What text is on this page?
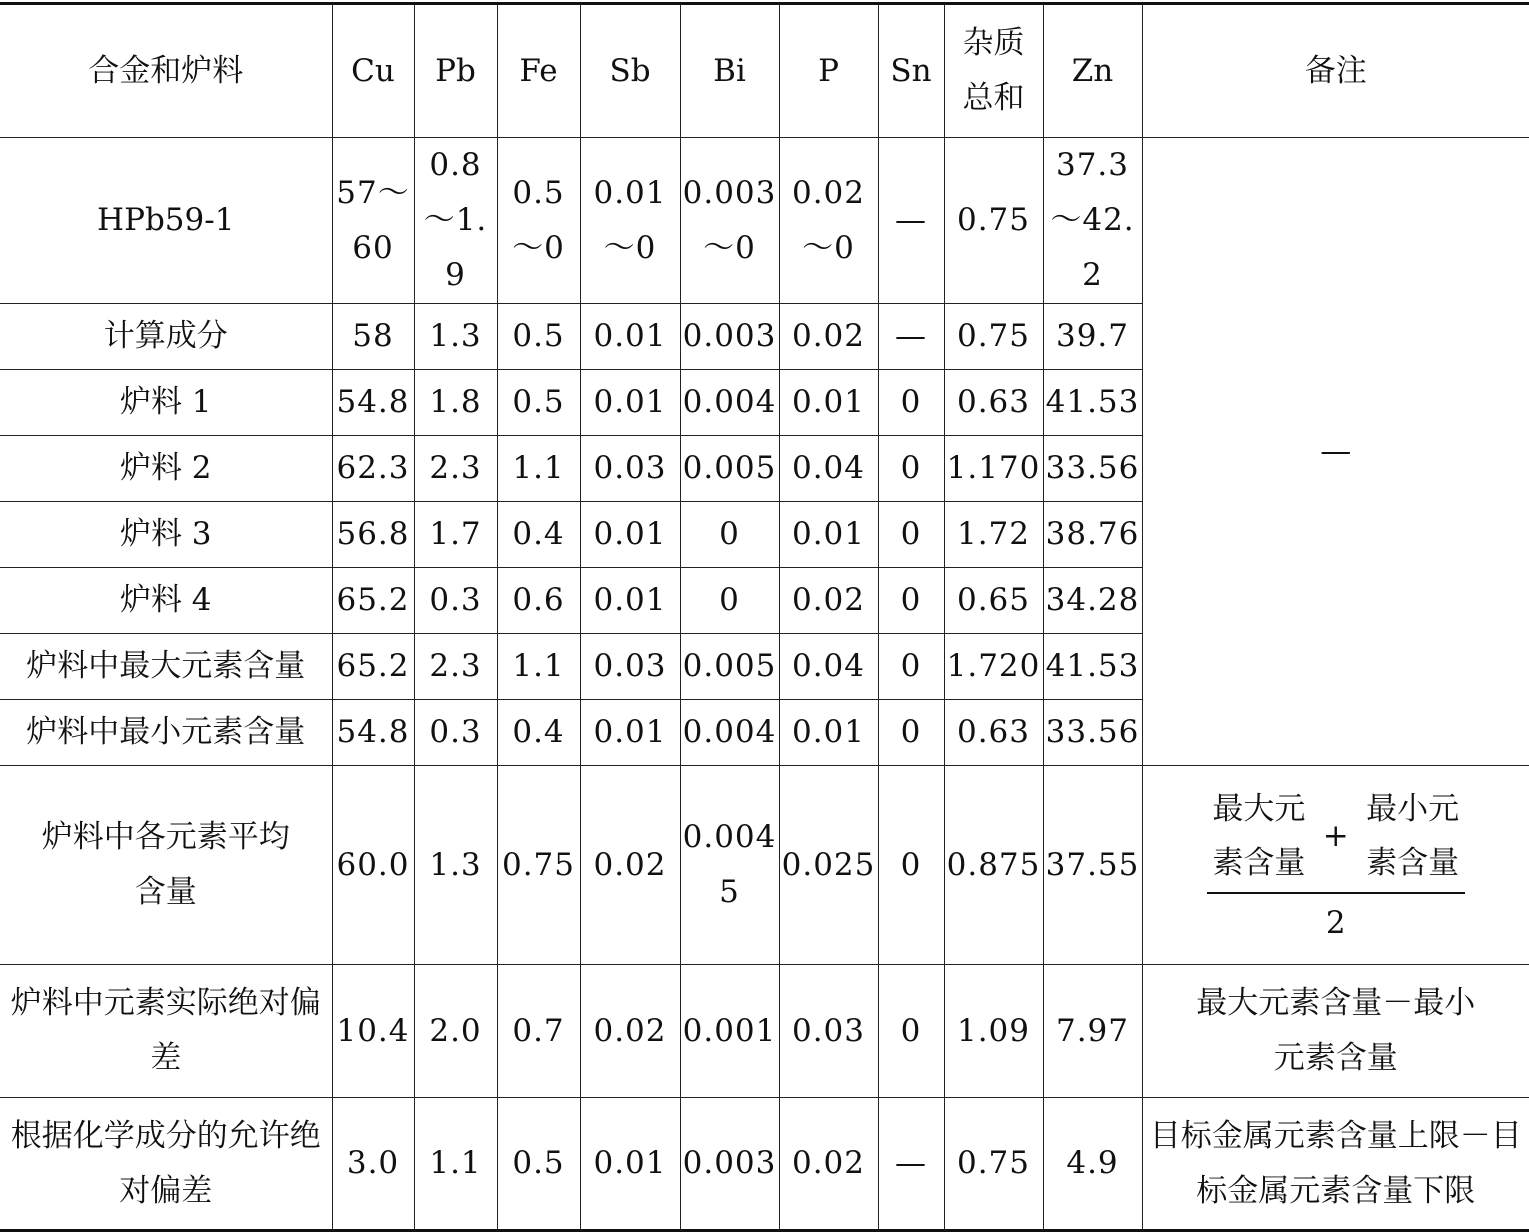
合金和炉料	Cu	Pb	Fe	Sb	Bi	P	Sn	杂质总和	Zn	备注
HPb59-1	57～60	0.8～1.9	0.5～0	0.01～0	0.003～0	0.02～0	—	0.75	37.3～42.2	—
计算成分	58	1.3	0.5	0.01	0.003	0.02	—	0.75	39.7	
炉料 1	54.8	1.8	0.5	0.01	0.004	0.01	0	0.63	41.53	
炉料 2	62.3	2.3	1.1	0.03	0.005	0.04	0	1.170	33.56	
炉料 3	56.8	1.7	0.4	0.01	0	0.01	0	1.72	38.76	
炉料 4	65.2	0.3	0.6	0.01	0	0.02	0	0.65	34.28	
炉料中最大元素含量	65.2	2.3	1.1	0.03	0.005	0.04	0	1.720	41.53	
炉料中最小元素含量	54.8	0.3	0.4	0.01	0.004	0.01	0	0.63	33.56	

炉料中各元素平均含量	60.0	1.3	0.75	0.02	0.0045	0.025	0	0.875	37.55	$\frac{\text{最大元素含量 + 最小元素含量}}{2}$

炉料中元素实际绝对偏差	10.4	2.0	0.7	0.02	0.001	0.03	0	1.09	7.97	最大元素含量－最小元素含量

根据化学成分的允许绝对偏差	3.0	1.1	0.5	0.01	0.003	0.02	—	0.75	4.9	目标金属元素含量上限－目标金属元素含量下限
